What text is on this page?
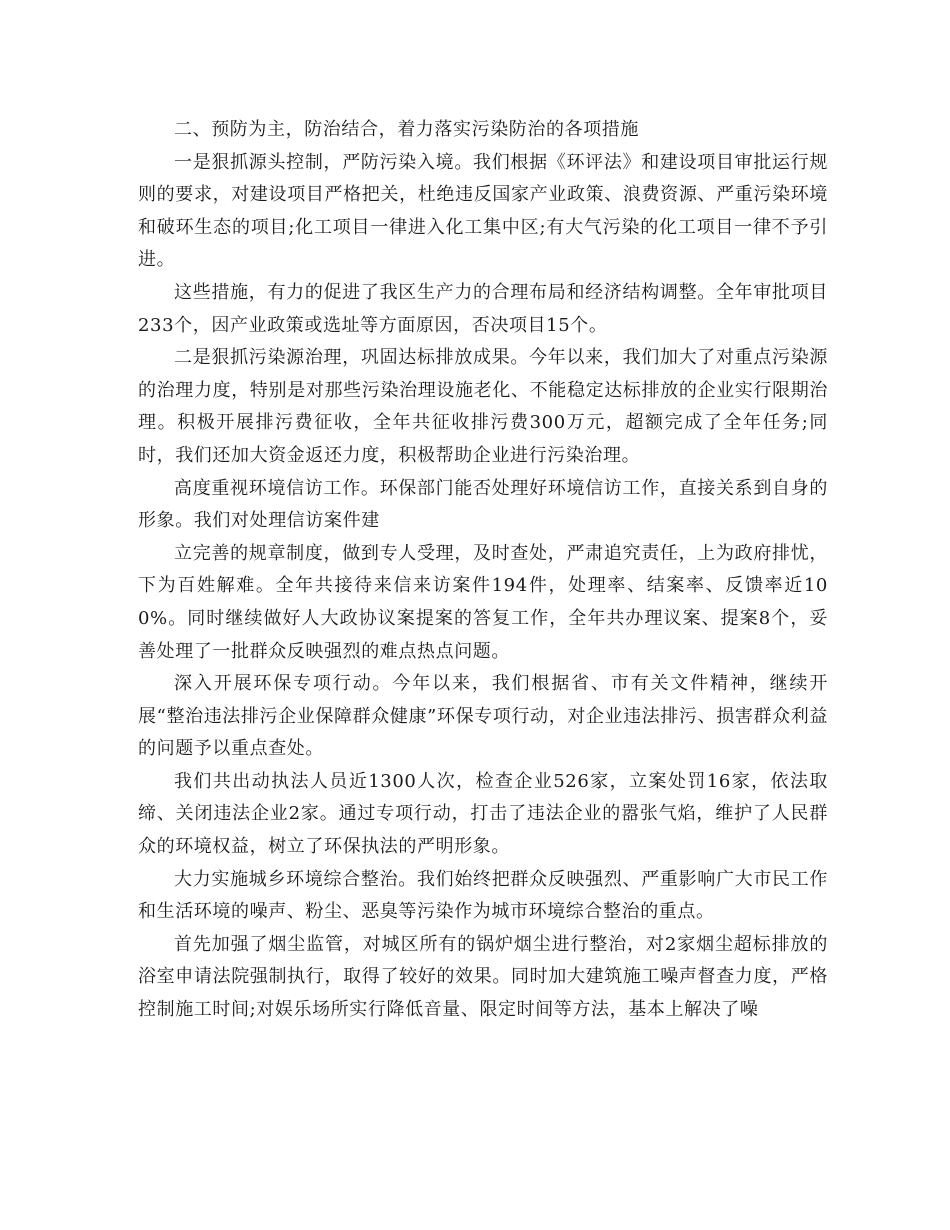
二、预防为主，防治结合，着力落实污染防治的各项措施

一是狠抓源头控制，严防污染入境。我们根据《环评法》和建设项目审批运行规则的要求，对建设项目严格把关，杜绝违反国家产业政策、浪费资源、严重污染环境和破环生态的项目;化工项目一律进入化工集中区;有大气污染的化工项目一律不予引进。

这些措施，有力的促进了我区生产力的合理布局和经济结构调整。全年审批项目233个，因产业政策或选址等方面原因，否决项目15个。

二是狠抓污染源治理，巩固达标排放成果。今年以来，我们加大了对重点污染源的治理力度，特别是对那些污染治理设施老化、不能稳定达标排放的企业实行限期治理。积极开展排污费征收，全年共征收排污费300万元，超额完成了全年任务;同时，我们还加大资金返还力度，积极帮助企业进行污染治理。

高度重视环境信访工作。环保部门能否处理好环境信访工作，直接关系到自身的形象。我们对处理信访案件建

立完善的规章制度，做到专人受理，及时查处，严肃追究责任，上为政府排忧，下为百姓解难。全年共接待来信来访案件194件，处理率、结案率、反馈率近100%。同时继续做好人大政协议案提案的答复工作，全年共办理议案、提案8个，妥善处理了一批群众反映强烈的难点热点问题。

深入开展环保专项行动。今年以来，我们根据省、市有关文件精神，继续开展“整治违法排污企业保障群众健康”环保专项行动，对企业违法排污、损害群众利益的问题予以重点查处。

我们共出动执法人员近1300人次，检查企业526家，立案处罚16家，依法取缔、关闭违法企业2家。通过专项行动，打击了违法企业的嚣张气焰，维护了人民群众的环境权益，树立了环保执法的严明形象。

大力实施城乡环境综合整治。我们始终把群众反映强烈、严重影响广大市民工作和生活环境的噪声、粉尘、恶臭等污染作为城市环境综合整治的重点。

首先加强了烟尘监管，对城区所有的锅炉烟尘进行整治，对2家烟尘超标排放的浴室申请法院强制执行，取得了较好的效果。同时加大建筑施工噪声督查力度，严格控制施工时间;对娱乐场所实行降低音量、限定时间等方法，基本上解决了噪
